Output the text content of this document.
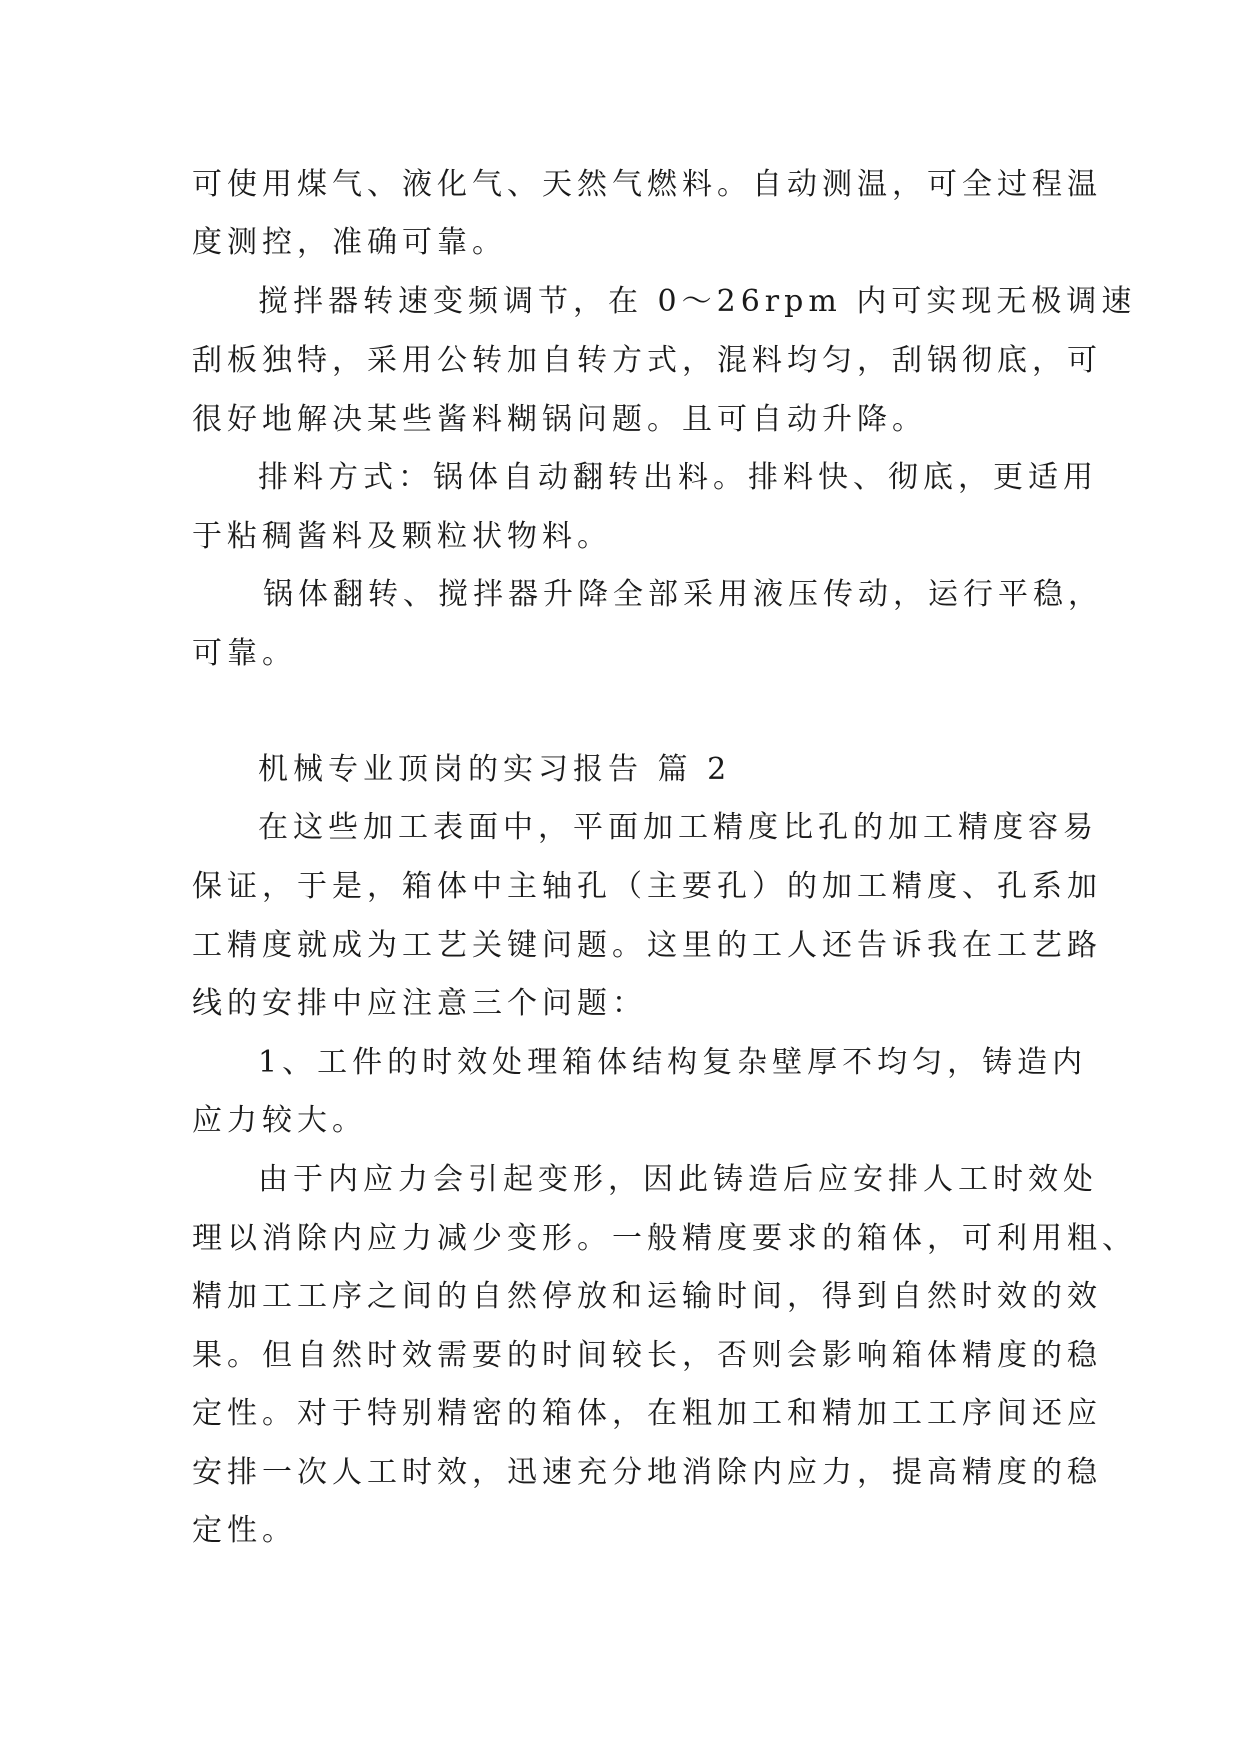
可使用煤气、液化气、天然气燃料。自动测温，可全过程温
度测控，准确可靠。
搅拌器转速变频调节，在 0～26rpm 内可实现无极调速
刮板独特，采用公转加自转方式，混料均匀，刮锅彻底，可
很好地解决某些酱料糊锅问题。且可自动升降。
排料方式：锅体自动翻转出料。排料快、彻底，更适用
于粘稠酱料及颗粒状物料。
锅体翻转、搅拌器升降全部采用液压传动，运行平稳，
可靠。
机械专业顶岗的实习报告 篇 2
在这些加工表面中，平面加工精度比孔的加工精度容易
保证，于是，箱体中主轴孔（主要孔）的加工精度、孔系加
工精度就成为工艺关键问题。这里的工人还告诉我在工艺路
线的安排中应注意三个问题：
1、工件的时效处理箱体结构复杂壁厚不均匀，铸造内
应力较大。
由于内应力会引起变形，因此铸造后应安排人工时效处
理以消除内应力减少变形。一般精度要求的箱体，可利用粗、
精加工工序之间的自然停放和运输时间，得到自然时效的效
果。但自然时效需要的时间较长，否则会影响箱体精度的稳
定性。对于特别精密的箱体，在粗加工和精加工工序间还应
安排一次人工时效，迅速充分地消除内应力，提高精度的稳
定性。
